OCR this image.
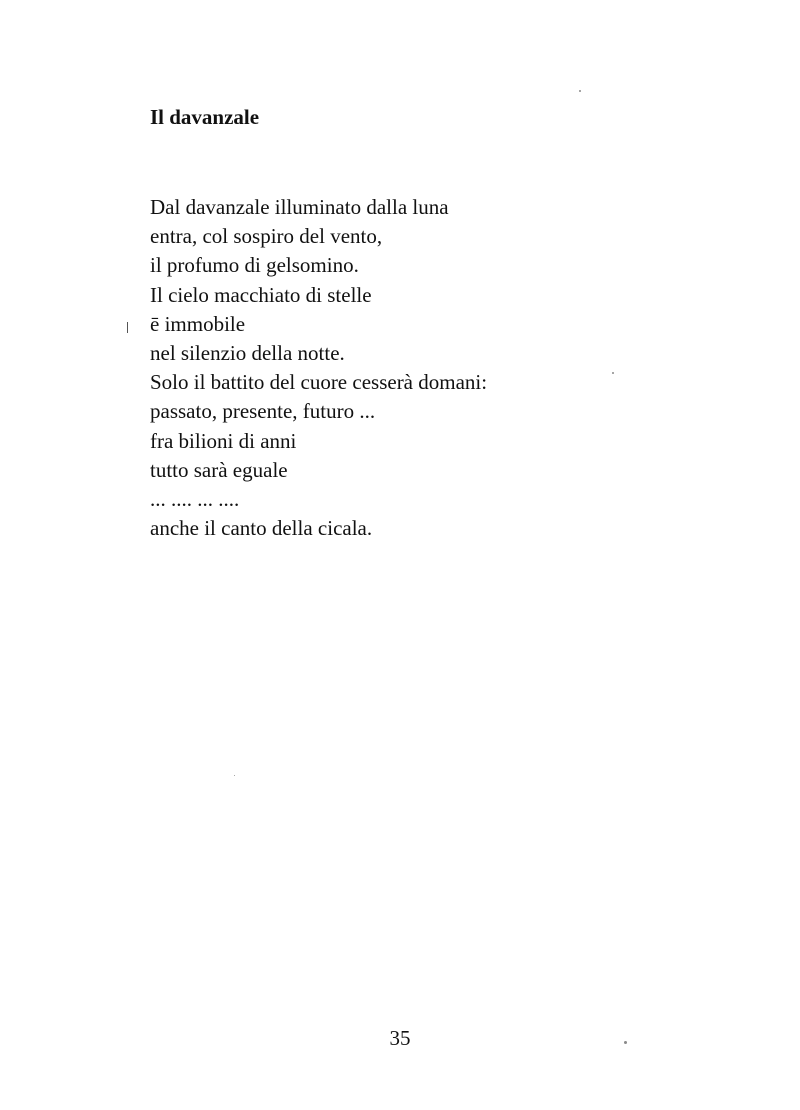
Il davanzale
Dal davanzale illuminato dalla luna
entra, col sospiro del vento,
il profumo di gelsomino.
Il cielo macchiato di stelle
ē immobile
nel silenzio della notte.
Solo il battito del cuore cesserà domani:
passato, presente, futuro ...
fra bilioni di anni
tutto sarà eguale
... .... ... ....
anche il canto della cicala.
35
